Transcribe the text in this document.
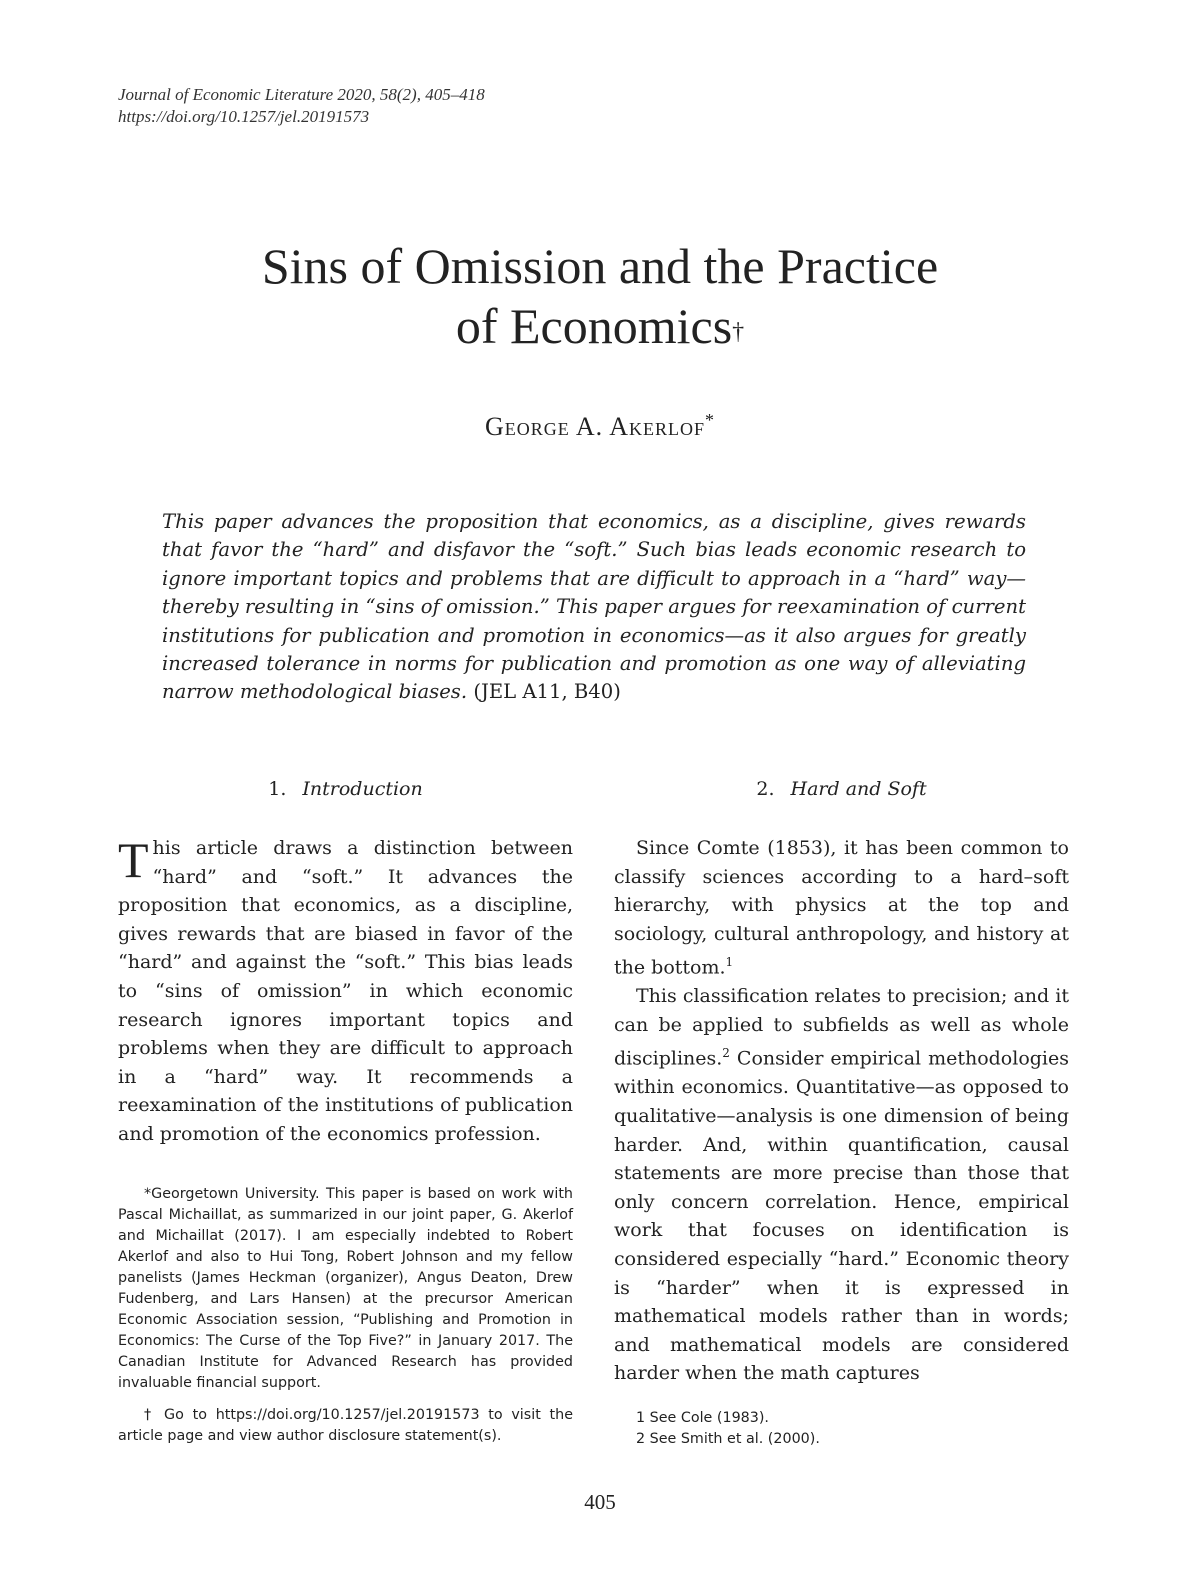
Journal of Economic Literature 2020, 58(2), 405–418
https://doi.org/10.1257/jel.20191573
Sins of Omission and the Practice
of Economics†
George A. Akerlof*
This paper advances the proposition that economics, as a discipline, gives rewards that favor the “hard” and disfavor the “soft.” Such bias leads economic research to ignore important topics and problems that are difficult to approach in a “hard” way—thereby resulting in “sins of omission.” This paper argues for reexamination of current institutions for publication and promotion in economics—as it also argues for greatly increased tolerance in norms for publication and promotion as one way of alleviating narrow methodological biases. (JEL A11, B40)
1. Introduction

This article draws a distinction between “hard” and “soft.” It advances the proposition that economics, as a discipline, gives rewards that are biased in favor of the “hard” and against the “soft.” This bias leads to “sins of omission” in which economic research ignores important topics and problems when they are difficult to approach in a “hard” way. It recommends a reexamination of the institutions of publication and promotion of the economics profession.

2. Hard and Soft

Since Comte (1853), it has been common to classify sciences according to a hard–soft hierarchy, with physics at the top and sociology, cultural anthropology, and history at the bottom.$^1$

This classification relates to precision; and it can be applied to subfields as well as whole disciplines.$^2$ Consider empirical methodologies within economics. Quantitative—as opposed to qualitative—analysis is one dimension of being harder. And, within quantification, causal statements are more precise than those that only concern correlation. Hence, empirical work that focuses on identification is considered especially “hard.” Economic theory is “harder” when it is expressed in mathematical models rather than in words; and mathematical models are considered harder when the math captures

*Georgetown University. This paper is based on work with Pascal Michaillat, as summarized in our joint paper, G. Akerlof and Michaillat (2017). I am especially indebted to Robert Akerlof and also to Hui Tong, Robert Johnson and my fellow panelists (James Heckman (organizer), Angus Deaton, Drew Fudenberg, and Lars Hansen) at the precursor American Economic Association session, “Publishing and Promotion in Economics: The Curse of the Top Five?” in January 2017. The Canadian Institute for Advanced Research has provided invaluable financial support.

† Go to https://doi.org/10.1257/jel.20191573 to visit the article page and view author disclosure statement(s).

1 See Cole (1983).

2 See Smith et al. (2000).

405
